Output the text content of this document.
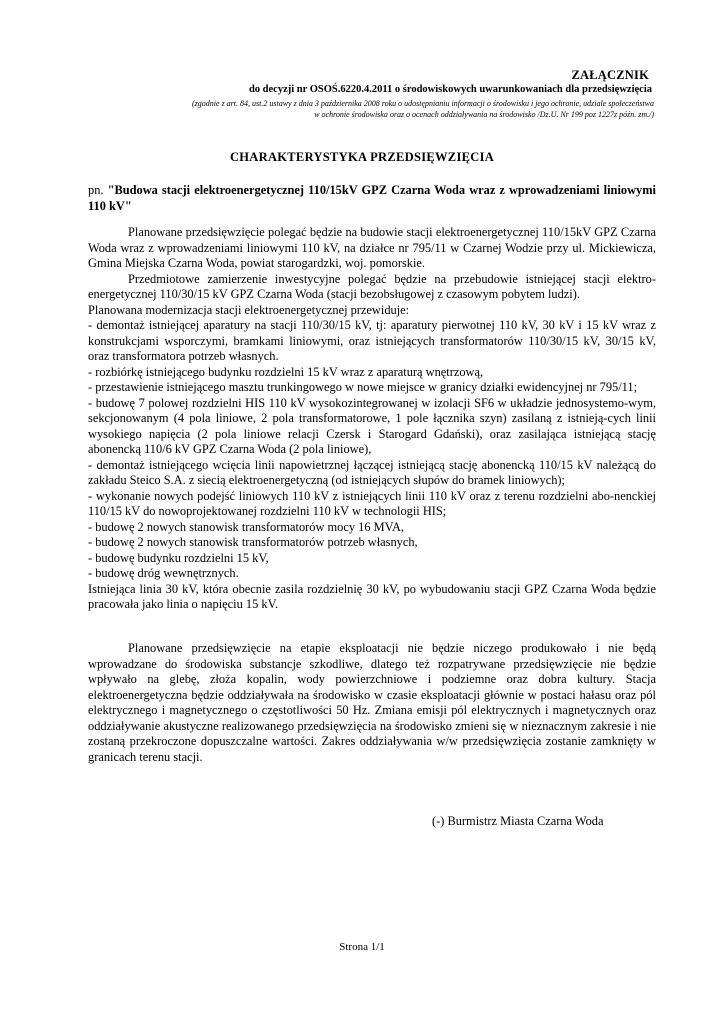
ZAŁĄCZNIK
do decyzji nr OSOŚ.6220.4.2011 o środowiskowych uwarunkowaniach dla przedsięwzięcia
(zgodnie z art. 84, ust.2 ustawy z dnia 3 października 2008 roku o udostępnianiu informacji o środowisku i jego ochronie, udziale społeczeństwa
w ochronie środowiska oraz o ocenach oddziaływania na środowisko /Dz.U. Nr 199 poz 1227z późn. zm./)
CHARAKTERYSTYKA PRZEDSIĘWZIĘCIA
pn. "Budowa stacji elektroenergetycznej 110/15kV GPZ Czarna Woda wraz z wprowadzeniami liniowymi 110 kV"

Planowane przedsięwzięcie polegać będzie na budowie stacji elektroenergetycznej 110/15kV GPZ Czarna Woda wraz z wprowadzeniami liniowymi 110 kV, na działce nr 795/11 w Czarnej Wodzie przy ul. Mickiewicza, Gmina Miejska Czarna Woda, powiat starogardzki, woj. pomorskie.

Przedmiotowe zamierzenie inwestycyjne polegać będzie na przebudowie istniejącej stacji elektro-energetycznej 110/30/15 kV GPZ Czarna Woda (stacji bezobsługowej z czasowym pobytem ludzi).

Planowana modernizacja stacji elektroenergetycznej przewiduje:

- demontaż istniejącej aparatury na stacji 110/30/15 kV, tj: aparatury pierwotnej 110 kV, 30 kV i 15 kV wraz z konstrukcjami wsporczymi, bramkami liniowymi, oraz istniejących transformatorów 110/30/15 kV, 30/15 kV, oraz transformatora potrzeb własnych.

- rozbiórkę istniejącego budynku rozdzielni 15 kV wraz z aparaturą wnętrzową,

- przestawienie istniejącego masztu trunkingowego w nowe miejsce w granicy działki ewidencyjnej nr 795/11;

- budowę 7 polowej rozdzielni HIS 110 kV wysokozintegrowanej w izolacji SF6 w układzie jednosystemo-wym, sekcjonowanym (4 pola liniowe, 2 pola transformatorowe, 1 pole łącznika szyn) zasilaną z istnieją-cych linii wysokiego napięcia (2 pola liniowe relacji Czersk i Starogard Gdański), oraz zasilająca istniejącą stację abonencką 110/6 kV GPZ Czarna Woda (2 pola liniowe),

- demontaż istniejącego wcięcia linii napowietrznej łączącej istniejącą stację abonencką 110/15 kV należącą do zakładu Steico S.A. z siecią elektroenergetyczną (od istniejących słupów do bramek liniowych);

- wykonanie nowych podejść liniowych 110 kV z istniejących linii 110 kV oraz z terenu rozdzielni abo-nenckiej 110/15 kV do nowoprojektowanej rozdzielni 110 kV w technologii HIS;

- budowę 2 nowych stanowisk transformatorów mocy 16 MVA,

- budowę 2 nowych stanowisk transformatorów potrzeb własnych,

- budowę budynku rozdzielni 15 kV,

- budowę dróg wewnętrznych.

Istniejąca linia 30 kV, która obecnie zasila rozdzielnię 30 kV, po wybudowaniu stacji GPZ Czarna Woda będzie pracowała jako linia o napięciu 15 kV.

Planowane przedsięwzięcie na etapie eksploatacji nie będzie niczego produkowało i nie będą wprowadzane do środowiska substancje szkodliwe, dlatego też rozpatrywane przedsięwzięcie nie będzie wpływało na glebę, złoża kopalin, wody powierzchniowe i podziemne oraz dobra kultury. Stacja elektroenergetyczna będzie oddziaływała na środowisko w czasie eksploatacji głównie w postaci hałasu oraz pól elektrycznego i magnetycznego o częstotliwości 50 Hz. Zmiana emisji pól elektrycznych i magnetycznych oraz oddziaływanie akustyczne realizowanego przedsięwzięcia na środowisko zmieni się w nieznacznym zakresie i nie zostaną przekroczone dopuszczalne wartości. Zakres oddziaływania w/w przedsięwzięcia zostanie zamknięty w granicach terenu stacji.

(-) Burmistrz Miasta Czarna Woda
Strona 1/1
